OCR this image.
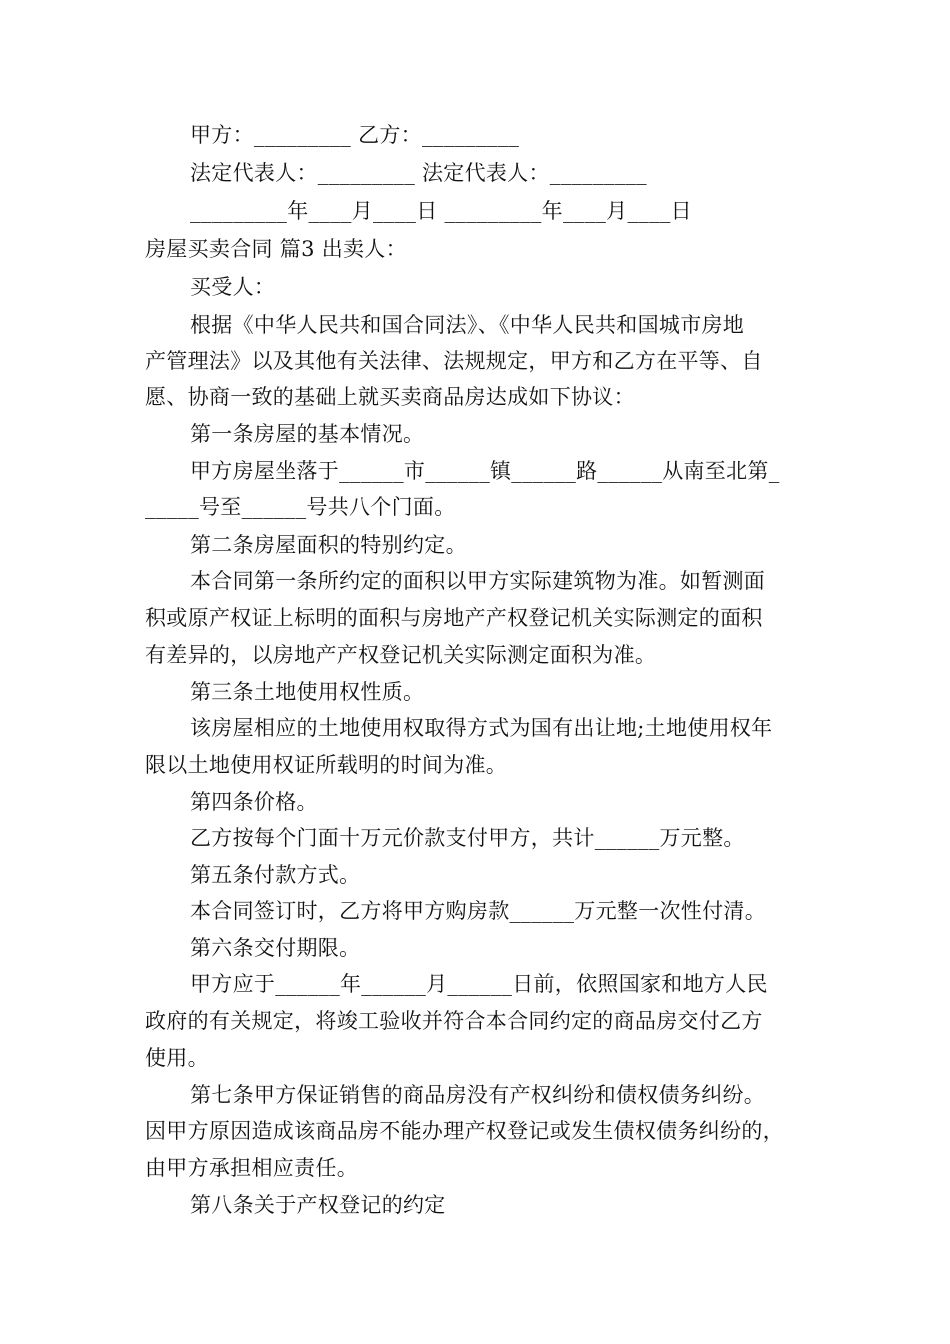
甲方：_________ 乙方：_________
法定代表人：_________ 法定代表人：_________
_________年____月____日 _________年____月____日
房屋买卖合同 篇3 出卖人：
买受人：
根据《中华人民共和国合同法》、《中华人民共和国城市房地
产管理法》以及其他有关法律、法规规定，甲方和乙方在平等、自
愿、协商一致的基础上就买卖商品房达成如下协议：
第一条房屋的基本情况。
甲方房屋坐落于______市______镇______路______从南至北第_
_____号至______号共八个门面。
第二条房屋面积的特别约定。
本合同第一条所约定的面积以甲方实际建筑物为准。如暂测面
积或原产权证上标明的面积与房地产产权登记机关实际测定的面积
有差异的，以房地产产权登记机关实际测定面积为准。
第三条土地使用权性质。
该房屋相应的土地使用权取得方式为国有出让地;土地使用权年
限以土地使用权证所载明的时间为准。
第四条价格。
乙方按每个门面十万元价款支付甲方，共计______万元整。
第五条付款方式。
本合同签订时，乙方将甲方购房款______万元整一次性付清。
第六条交付期限。
甲方应于______年______月______日前，依照国家和地方人民
政府的有关规定，将竣工验收并符合本合同约定的商品房交付乙方
使用。
第七条甲方保证销售的商品房没有产权纠纷和债权债务纠纷。
因甲方原因造成该商品房不能办理产权登记或发生债权债务纠纷的，
由甲方承担相应责任。
第八条关于产权登记的约定
